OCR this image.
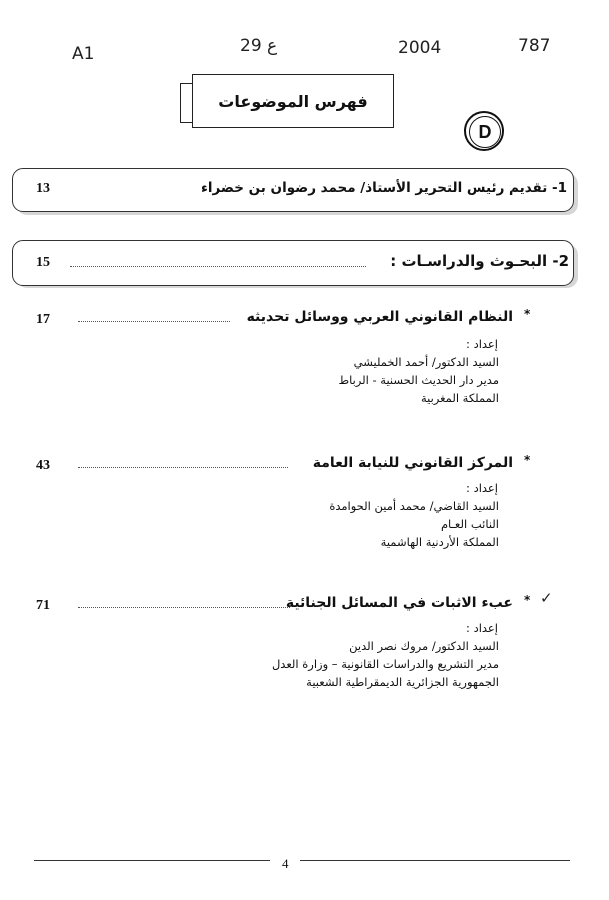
A1	29 ع	2004	787
فهرس الموضوعات
D
13	1- تقديم رئيس التحرير الأستاذ/ محمد رضوان بن خضراء
15	2- البحـوث والدراسـات :
17	النظام القانوني العربي ووسائل تحديثه *
إعداد :
السيد الدكتور/ أحمد الخمليشي
مدير دار الحديث الحسنية - الرباط
المملكة المغربية
43	المركز القانوني للنيابة العامة *
إعداد :
السيد القاضي/ محمد أمين الحوامدة
النائب العـام
المملكة الأردنية الهاشمية
71	عبء الاثبات في المسائل الجنائية * ✓
إعداد :
السيد الدكتور/ مروك نصر الدين
مدير التشريع والدراسات القانونية – وزارة العدل
الجمهورية الجزائرية الديمقراطية الشعبية
4
